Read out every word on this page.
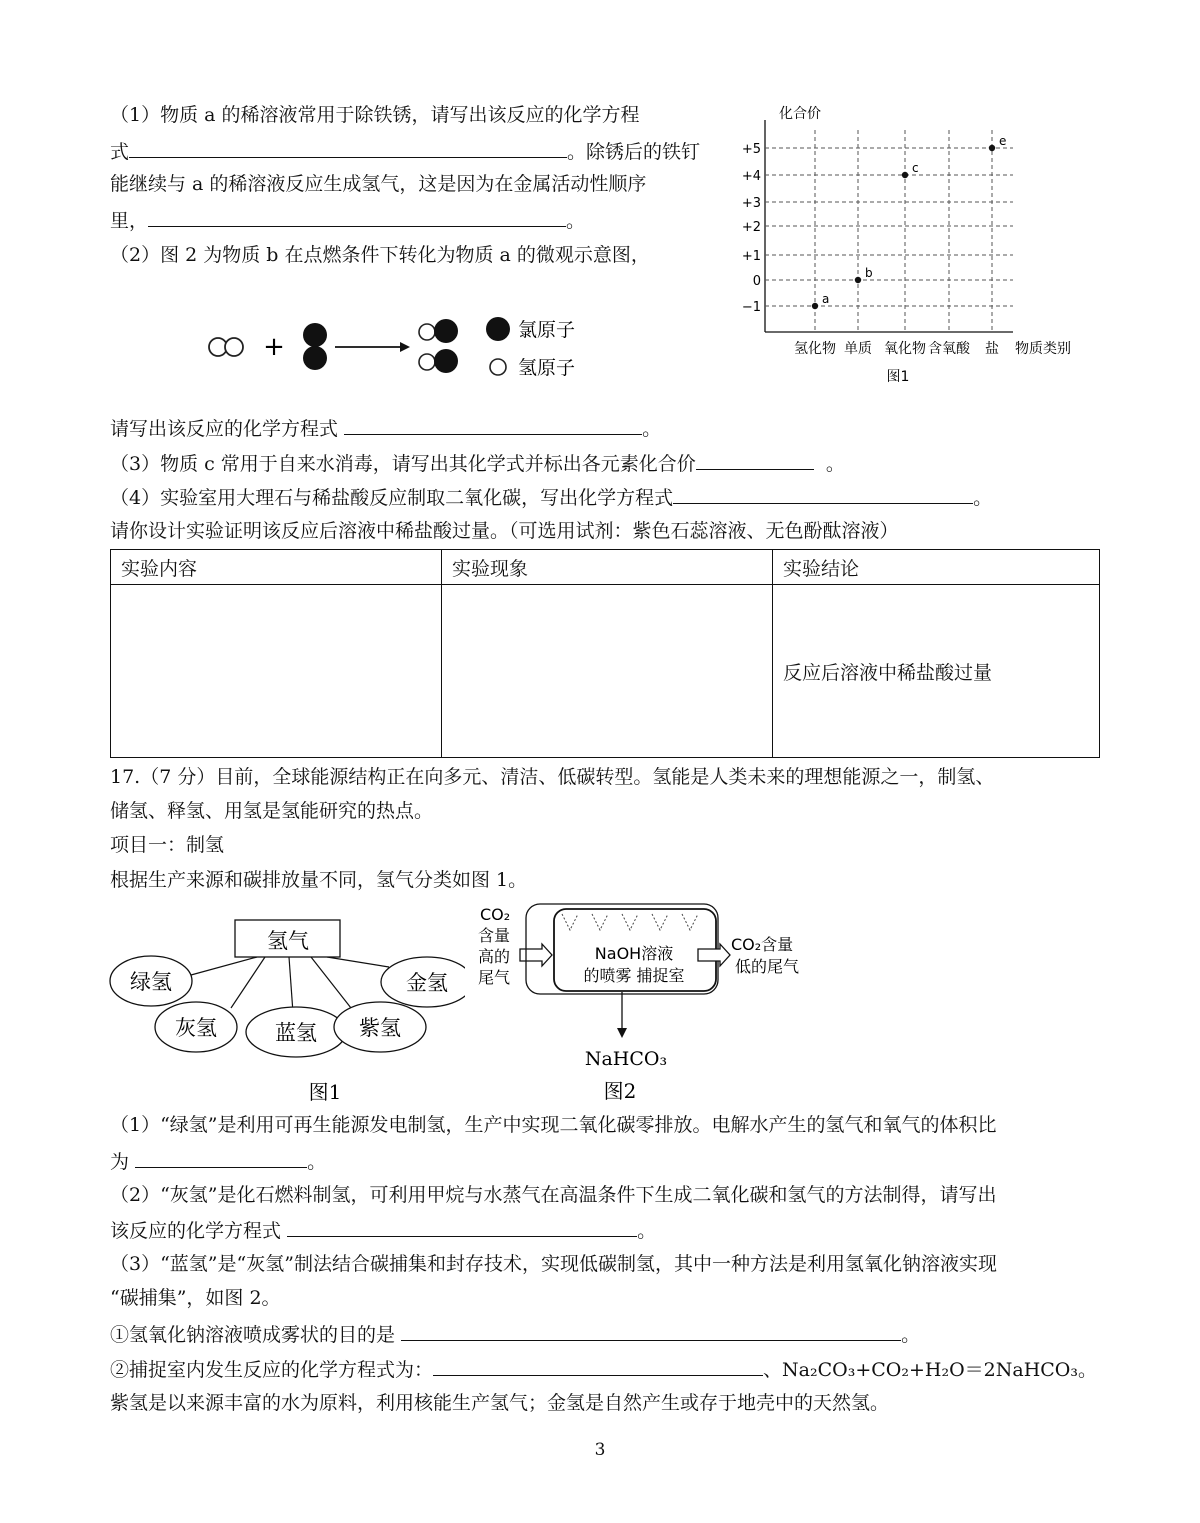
（1）物质 a 的稀溶液常用于除铁锈，请写出该反应的化学方程
式	。除锈后的铁钉
能继续与 a 的稀溶液反应生成氢气，这是因为在金属活动性顺序
里，	。
（2）图 2 为物质 b 在点燃条件下转化为物质 a 的微观示意图，
+
氯原子
氢原子
化合价
+5
+4
+3
+2
+1
0
−1
氢化物 单质 氧化物 含氧酸 盐
a
b
c
e
物质类别
图1
请写出该反应的化学方程式	。
（3）物质 c 常用于自来水消毒，请写出其化学式并标出各元素化合价	。
（4）实验室用大理石与稀盐酸反应制取二氧化碳，写出化学方程式	。
请你设计实验证明该反应后溶液中稀盐酸过量。（可选用试剂：紫色石蕊溶液、无色酚酞溶液）
实验内容	实验现象	实验结论
		反应后溶液中稀盐酸过量
17.（7 分）目前，全球能源结构正在向多元、清洁、低碳转型。氢能是人类未来的理想能源之一，制氢、
储氢、释氢、用氢是氢能研究的热点。
项目一：制氢
根据生产来源和碳排放量不同，氢气分类如图 1。
氢气
绿氢
灰氢	蓝氢 紫氢
金氢
图1
CO₂
含量
高的
尾气
NaOH溶液
的喷雾 捕捉室
CO₂含量
低的尾气
NaHCO₃
图2
（1）“绿氢”是利用可再生能源发电制氢，生产中实现二氧化碳零排放。电解水产生的氢气和氧气的体积比
为	。
（2）“灰氢”是化石燃料制氢，可利用甲烷与水蒸气在高温条件下生成二氧化碳和氢气的方法制得，请写出
该反应的化学方程式	。
（3）“蓝氢”是“灰氢”制法结合碳捕集和封存技术，实现低碳制氢，其中一种方法是利用氢氧化钠溶液实现
“碳捕集”，如图 2。
①氢氧化钠溶液喷成雾状的目的是	。
②捕捉室内发生反应的化学方程式为：	、Na₂CO₃+CO₂+H₂O＝2NaHCO₃。
紫氢是以来源丰富的水为原料，利用核能生产氢气；金氢是自然产生或存于地壳中的天然氢。
3
